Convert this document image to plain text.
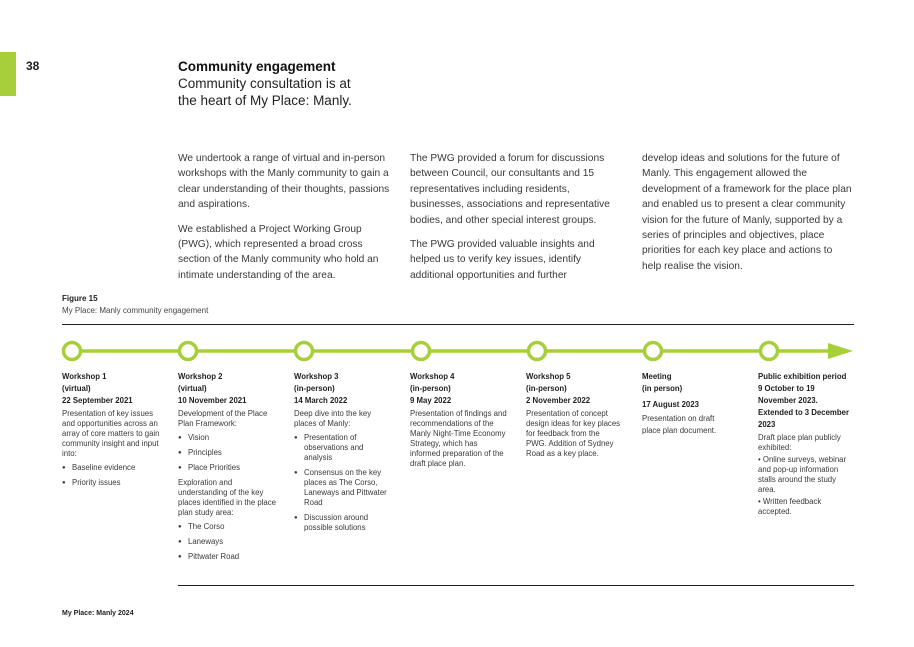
38	Community engagement
Community consultation is at
the heart of My Place: Manly.

We undertook a range of virtual and in-person workshops with the Manly community to gain a clear understanding of their thoughts, passions and aspirations.

We established a Project Working Group (PWG), which represented a broad cross section of the Manly community who hold an intimate understanding of the area.

The PWG provided a forum for discussions between Council, our consultants and 15 representatives including residents, businesses, associations and representative bodies, and other special interest groups.

The PWG provided valuable insights and helped us to verify key issues, identify additional opportunities and further

develop ideas and solutions for the future of Manly. This engagement allowed the development of a framework for the place plan and enabled us to present a clear community vision for the future of Manly, supported by a series of principles and objectives, place priorities for each key place and actions to help realise the vision.

Figure 15
My Place: Manly community engagement
Workshop 1
(virtual)
22 September 2021
Presentation of key issues and opportunities across an array of core matters to gain community insight and input into:
● Baseline evidence
● Priority issues
Workshop 2
(virtual)
10 November 2021
Development of the Place Plan Framework:
● Vision
● Principles
● Place Priorities
Exploration and understanding of the key places identified in the place plan study area:
● The Corso
● Laneways
● Pittwater Road
Workshop 3
(in-person)
14 March 2022
Deep dive into the key places of Manly:
● Presentation of observations and analysis
● Consensus on the key places as The Corso, Laneways and Pittwater Road
● Discussion around possible solutions
Workshop 4
(in-person)
9 May 2022
Presentation of findings and recommendations of the Manly Night-Time Economy Strategy, which has informed preparation of the draft place plan.
Workshop 5
(in-person)
2 November 2022
Presentation of concept design ideas for key places for feedback from the PWG. Addition of Sydney Road as a key place.
Meeting
(in person)
17 August 2023
Presentation on draft place plan document.
Public exhibition period
9 October to 19 November 2023.
Extended to 3 December 2023
Draft place plan publicly exhibited:
• Online surveys, webinar and pop-up information stalls around the study area.
• Written feedback accepted.
My Place: Manly 2024
